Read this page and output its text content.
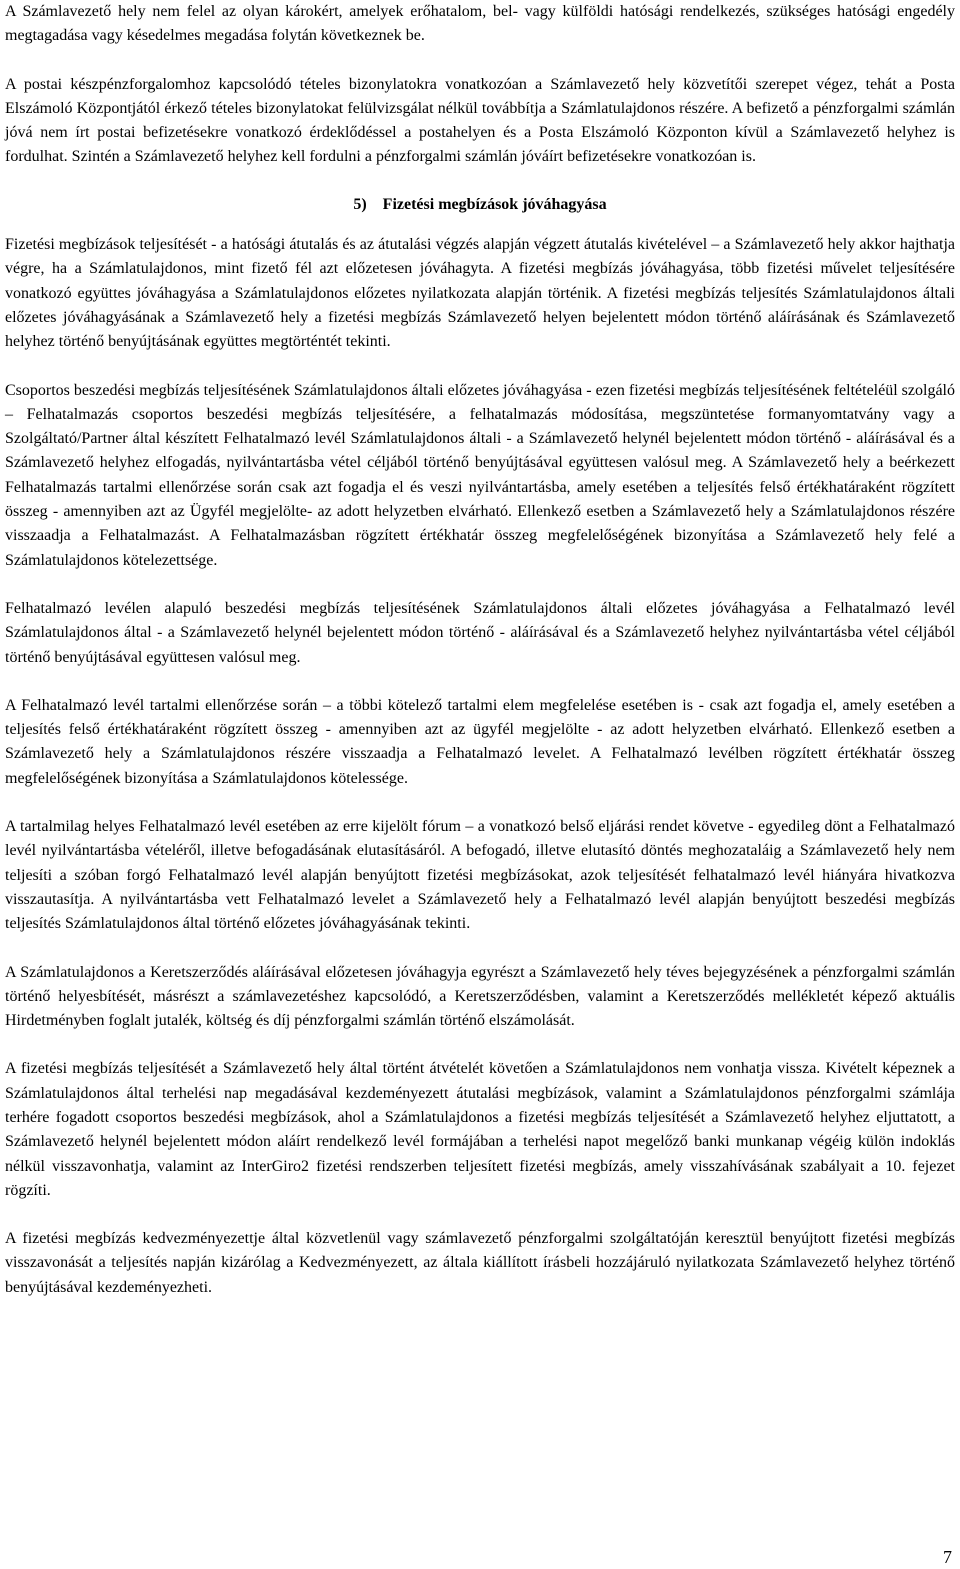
A Számlavezető hely nem felel az olyan károkért, amelyek erőhatalom, bel- vagy külföldi hatósági rendelkezés, szükséges hatósági engedély megtagadása vagy késedelmes megadása folytán következnek be.

A postai készpénzforgalomhoz kapcsolódó tételes bizonylatokra vonatkozóan a Számlavezető hely közvetítői szerepet végez, tehát a Posta Elszámoló Központjától érkező tételes bizonylatokat felülvizsgálat nélkül továbbítja a Számlatulajdonos részére. A befizető a pénzforgalmi számlán jóvá nem írt postai befizetésekre vonatkozó érdeklődéssel a postahelyen és a Posta Elszámoló Központon kívül a Számlavezető helyhez is fordulhat. Szintén a Számlavezető helyhez kell fordulni a pénzforgalmi számlán jóváírt befizetésekre vonatkozóan is.

5)    Fizetési megbízások jóváhagyása

Fizetési megbízások teljesítését - a hatósági átutalás és az átutalási végzés alapján végzett átutalás kivételével – a Számlavezető hely akkor hajthatja végre, ha a Számlatulajdonos, mint fizető fél azt előzetesen jóváhagyta. A fizetési megbízás jóváhagyása, több fizetési művelet teljesítésére vonatkozó együttes jóváhagyása a Számlatulajdonos előzetes nyilatkozata alapján történik. A fizetési megbízás teljesítés Számlatulajdonos általi előzetes jóváhagyásának a Számlavezető hely a fizetési megbízás Számlavezető helyen bejelentett módon történő aláírásának és Számlavezető helyhez történő benyújtásának együttes megtörténtét tekinti.

Csoportos beszedési megbízás teljesítésének Számlatulajdonos általi előzetes jóváhagyása - ezen fizetési megbízás teljesítésének feltételéül szolgáló – Felhatalmazás csoportos beszedési megbízás teljesítésére, a felhatalmazás módosítása, megszüntetése formanyomtatvány vagy a Szolgáltató/Partner által készített Felhatalmazó levél Számlatulajdonos általi - a Számlavezető helynél bejelentett módon történő - aláírásával és a Számlavezető helyhez elfogadás, nyilvántartásba vétel céljából történő benyújtásával együttesen valósul meg. A Számlavezető hely a beérkezett Felhatalmazás tartalmi ellenőrzése során csak azt fogadja el és veszi nyilvántartásba, amely esetében a teljesítés felső értékhatáraként rögzített összeg - amennyiben azt az Ügyfél megjelölte- az adott helyzetben elvárható. Ellenkező esetben a Számlavezető hely a Számlatulajdonos részére visszaadja a Felhatalmazást. A Felhatalmazásban rögzített értékhatár összeg megfelelőségének bizonyítása a Számlavezető hely felé a Számlatulajdonos kötelezettsége.

Felhatalmazó levélen alapuló beszedési megbízás teljesítésének Számlatulajdonos általi előzetes jóváhagyása a Felhatalmazó levél Számlatulajdonos által - a Számlavezető helynél bejelentett módon történő - aláírásával és a Számlavezető helyhez nyilvántartásba vétel céljából történő benyújtásával együttesen valósul meg.

A Felhatalmazó levél tartalmi ellenőrzése során – a többi kötelező tartalmi elem megfelelése esetében is - csak azt fogadja el, amely esetében a teljesítés felső értékhatáraként rögzített összeg - amennyiben azt az ügyfél megjelölte - az adott helyzetben elvárható. Ellenkező esetben a Számlavezető hely a Számlatulajdonos részére visszaadja a Felhatalmazó levelet. A Felhatalmazó levélben rögzített értékhatár összeg megfelelőségének bizonyítása a Számlatulajdonos kötelessége.

A tartalmilag helyes Felhatalmazó levél esetében az erre kijelölt fórum – a vonatkozó belső eljárási rendet követve - egyedileg dönt a Felhatalmazó levél nyilvántartásba vételéről, illetve befogadásának elutasításáról. A befogadó, illetve elutasító döntés meghozataláig a Számlavezető hely nem teljesíti a szóban forgó Felhatalmazó levél alapján benyújtott fizetési megbízásokat, azok teljesítését felhatalmazó levél hiányára hivatkozva visszautasítja. A nyilvántartásba vett Felhatalmazó levelet a Számlavezető hely a Felhatalmazó levél alapján benyújtott beszedési megbízás teljesítés Számlatulajdonos által történő előzetes jóváhagyásának tekinti.

A Számlatulajdonos a Keretszerződés aláírásával előzetesen jóváhagyja egyrészt a Számlavezető hely téves bejegyzésének a pénzforgalmi számlán történő helyesbítését, másrészt a számlavezetéshez kapcsolódó, a Keretszerződésben, valamint a Keretszerződés mellékletét képező aktuális Hirdetményben foglalt jutalék, költség és díj pénzforgalmi számlán történő elszámolását.

A fizetési megbízás teljesítését a Számlavezető hely által történt átvételét követően a Számlatulajdonos nem vonhatja vissza. Kivételt képeznek a Számlatulajdonos által terhelési nap megadásával kezdeményezett átutalási megbízások, valamint a Számlatulajdonos pénzforgalmi számlája terhére fogadott csoportos beszedési megbízások, ahol a Számlatulajdonos a fizetési megbízás teljesítését a Számlavezető helyhez eljuttatott, a Számlavezető helynél bejelentett módon aláírt rendelkező levél formájában a terhelési napot megelőző banki munkanap végéig külön indoklás nélkül visszavonhatja, valamint az InterGiro2 fizetési rendszerben teljesített fizetési megbízás, amely visszahívásának szabályait a 10. fejezet rögzíti.

A fizetési megbízás kedvezményezettje által közvetlenül vagy számlavezető pénzforgalmi szolgáltatóján keresztül benyújtott fizetési megbízás visszavonását a teljesítés napján kizárólag a Kedvezményezett, az általa kiállított írásbeli hozzájáruló nyilatkozata Számlavezető helyhez történő benyújtásával kezdeményezheti.

7
